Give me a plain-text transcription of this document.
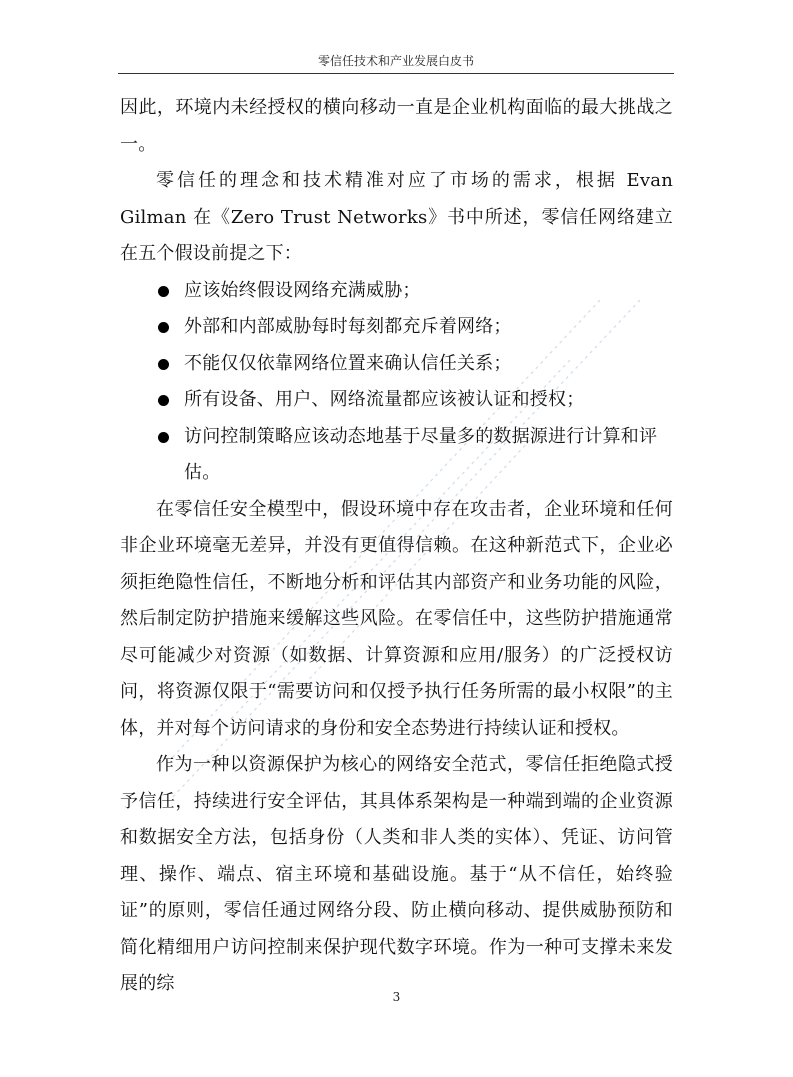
零信任技术和产业发展白皮书

因此，环境内未经授权的横向移动一直是企业机构面临的最大挑战之一。

零信任的理念和技术精准对应了市场的需求，根据 Evan Gilman 在《Zero Trust Networks》书中所述，零信任网络建立在五个假设前提之下：

应该始终假设网络充满威胁；
外部和内部威胁每时每刻都充斥着网络；
不能仅仅依靠网络位置来确认信任关系；
所有设备、用户、网络流量都应该被认证和授权；
访问控制策略应该动态地基于尽量多的数据源进行计算和评估。

在零信任安全模型中，假设环境中存在攻击者，企业环境和任何非企业环境毫无差异，并没有更值得信赖。在这种新范式下，企业必须拒绝隐性信任，不断地分析和评估其内部资产和业务功能的风险，然后制定防护措施来缓解这些风险。在零信任中，这些防护措施通常尽可能减少对资源（如数据、计算资源和应用/服务）的广泛授权访问，将资源仅限于“需要访问和仅授予执行任务所需的最小权限”的主体，并对每个访问请求的身份和安全态势进行持续认证和授权。

作为一种以资源保护为核心的网络安全范式，零信任拒绝隐式授予信任，持续进行安全评估，其具体系架构是一种端到端的企业资源和数据安全方法，包括身份（人类和非人类的实体）、凭证、访问管理、操作、端点、宿主环境和基础设施。基于“从不信任，始终验证”的原则，零信任通过网络分段、防止横向移动、提供威胁预防和简化精细用户访问控制来保护现代数字环境。作为一种可支撑未来发展的综

3
